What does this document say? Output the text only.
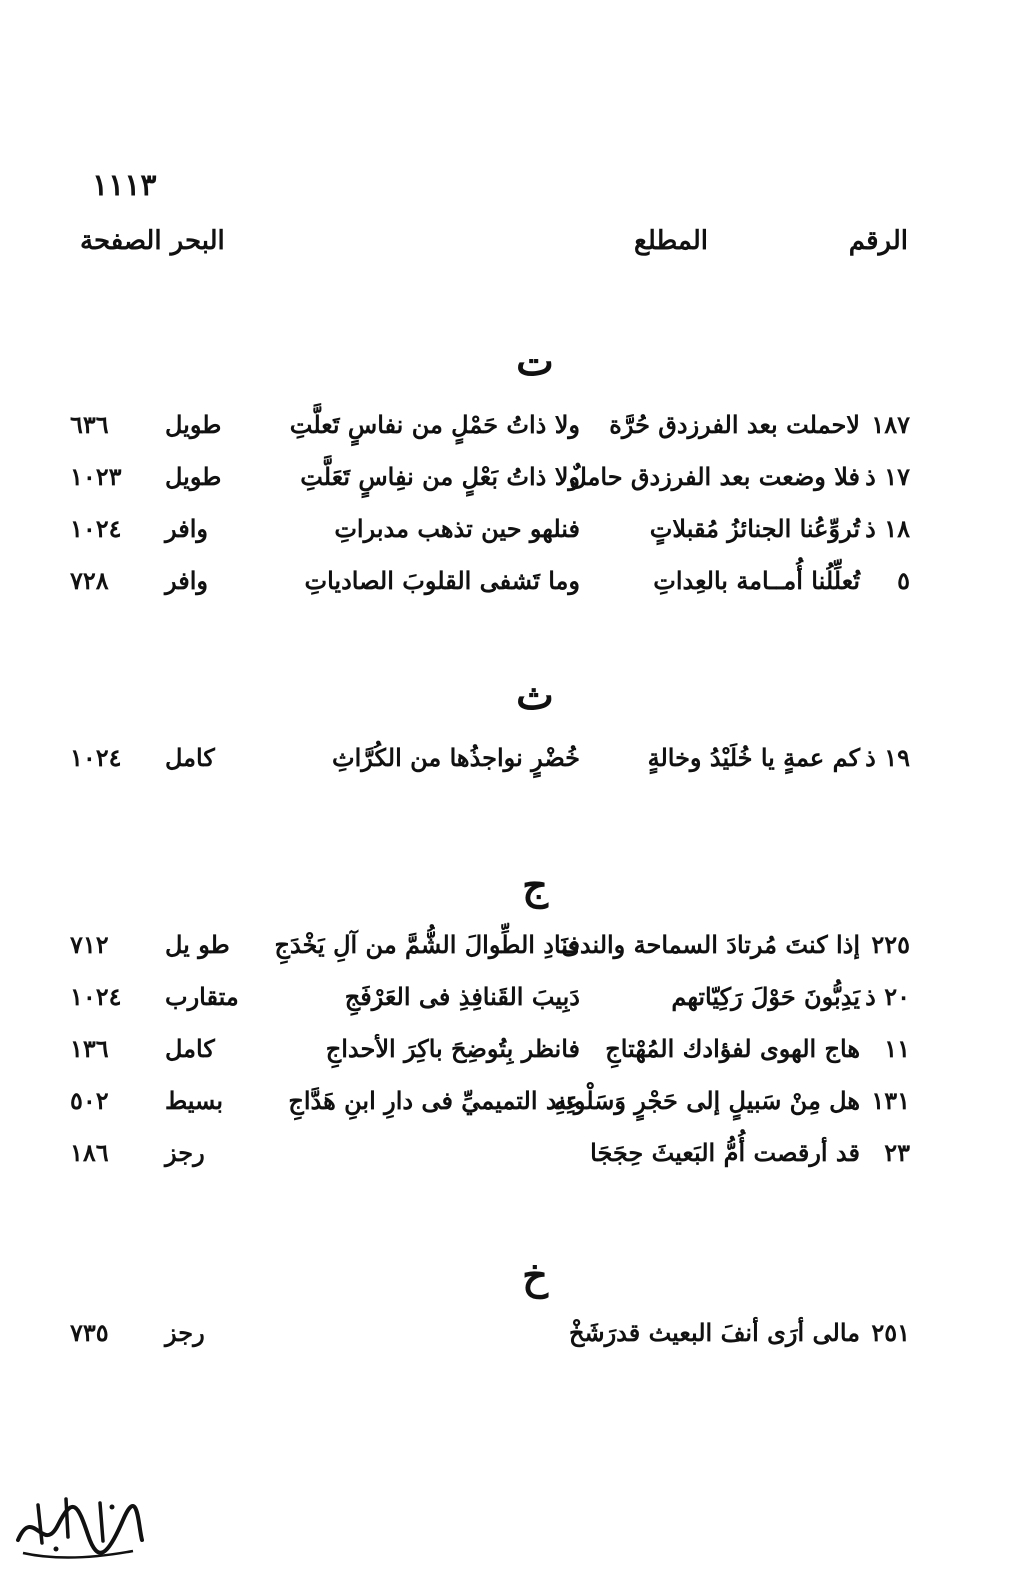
١١١٣
الرقم
المطلع
البحر الصفحة
ت
١٨٧
لاحملت بعد الفرزدق حُرَّة
ولا ذاتُ حَمْلٍ من نفاسٍ تَعلَّتِ
طويل
٦٣٦
١٧ ذ
فلا وضعت بعد الفرزدق حاملٌ
ولا ذاتُ بَعْلٍ من نفِاسٍ تَعَلَّتِ
طويل
١٠٢٣
١٨ ذ
تُروِّعُنا الجنائزُ مُقبلاتٍ
فنلهو حين تذهب مدبراتِ
وافر
١٠٢٤
٥
تُعلِّلُنا أُمــامة بالعِداتِ
وما تَشفى القلوبَ الصادياتِ
وافر
٧٢٨
ث
١٩ ذ
كم عمةٍ يا خُلَيْدُ وخالةٍ
خُضْرٍ نواجذُها من الكُرَّاثِ
كامل
١٠٢٤
ج
٢٢٥
إذا كنتَ مُرتادَ السماحة والندى
فنَادِ الطِّوالَ الشُّمَّ من آلِ يَخْدَجِ
طو يل
٧١٢
٢٠ ذ
يَدِبُّونَ حَوْلَ رَكِيّاتهم
دَبِيبَ القَنافِذِ فى العَرْفَجِ
متقارب
١٠٢٤
١١
هاج الهوى لفؤادك المُهْتاجِ
فانظر بِتُوضِحَ باكِرَ الأحداجِ
كامل
١٣٦
١٣١
هل مِنْ سَبيلٍ إلى حَجْرٍ وَسَلْوتِهِ
عند التميميِّ فى دارِ ابنِ هَدَّاجِ
بسيط
٥٠٢
٢٣
قد أرقصت أُمُّ البَعيثَ حِجَجَا
رجز
١٨٦
خ
٢٥١
مالى أرَى أنفَ البعيث قدرَشَخْ
رجز
٧٣٥
